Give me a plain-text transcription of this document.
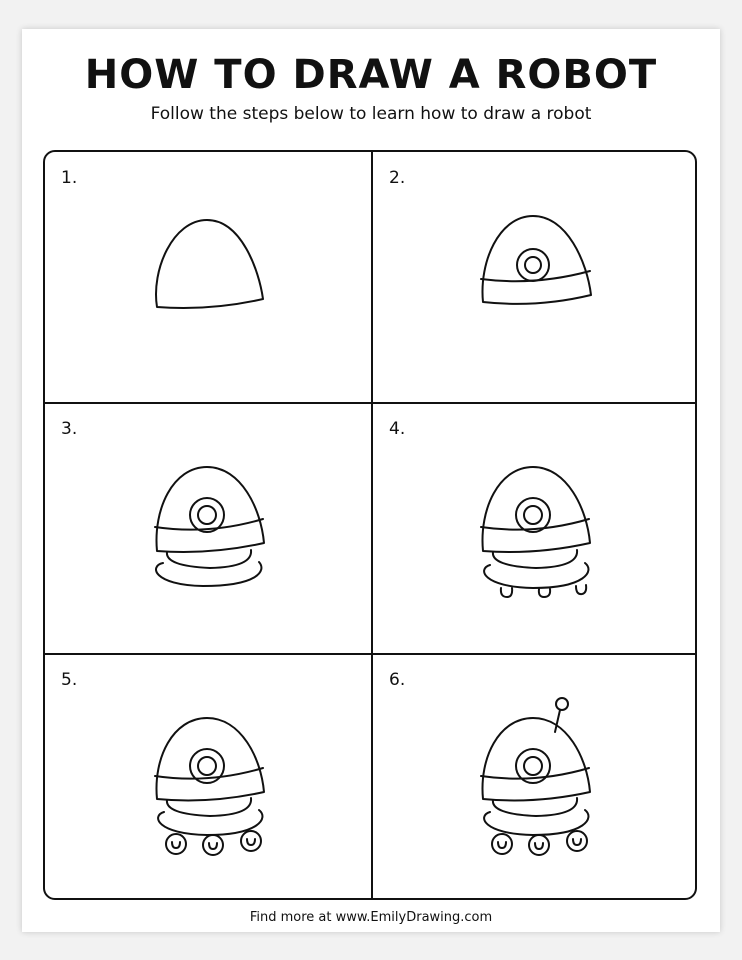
HOW TO DRAW A ROBOT
Follow the steps below to learn how to draw a robot
1.	2.
3.	4.
5.	6.
Find more at www.EmilyDrawing.com
